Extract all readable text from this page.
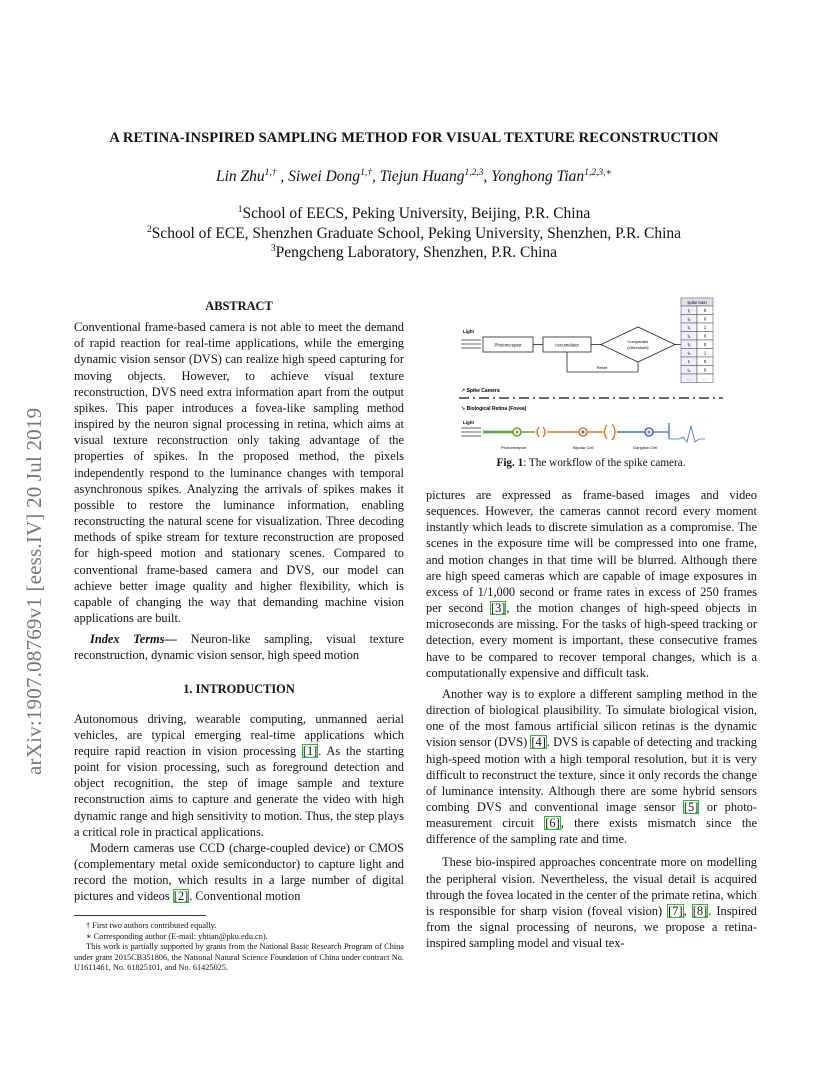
arXiv:1907.08769v1 [eess.IV] 20 Jul 2019
A RETINA-INSPIRED SAMPLING METHOD FOR VISUAL TEXTURE RECONSTRUCTION
Lin Zhu$^{1,\dagger}$ , Siwei Dong$^{1,\dagger}$, Tiejun Huang$^{1,2,3}$, Yonghong Tian$^{1,2,3,∗}$
$^1$School of EECS, Peking University, Beijing, P.R. China
$^2$School of ECE, Shenzhen Graduate School, Peking University, Shenzhen, P.R. China
$^3$Pengcheng Laboratory, Shenzhen, P.R. China

ABSTRACT

Conventional frame-based camera is not able to meet the demand of rapid reaction for real-time applications, while the emerging dynamic vision sensor (DVS) can realize high speed capturing for moving objects. However, to achieve visual texture reconstruction, DVS need extra information apart from the output spikes. This paper introduces a fovea-like sampling method inspired by the neuron signal processing in retina, which aims at visual texture reconstruction only taking advantage of the properties of spikes. In the proposed method, the pixels independently respond to the luminance changes with temporal asynchronous spikes. Analyzing the arrivals of spikes makes it possible to restore the luminance information, enabling reconstructing the natural scene for visualization. Three decoding methods of spike stream for texture reconstruction are proposed for high-speed motion and stationary scenes. Compared to conventional frame-based camera and DVS, our model can achieve better image quality and higher flexibility, which is capable of changing the way that demanding machine vision applications are built.

Index Terms— Neuron-like sampling, visual texture reconstruction, dynamic vision sensor, high speed motion

1. INTRODUCTION

Autonomous driving, wearable computing, unmanned aerial vehicles, are typical emerging real-time applications which require rapid reaction in vision processing [1]. As the starting point for vision processing, such as foreground detection and object recognition, the step of image sample and texture reconstruction aims to capture and generate the video with high dynamic range and high sensitivity to motion. Thus, the step plays a critical role in practical applications.

Modern cameras use CCD (charge-coupled device) or CMOS (complementary metal oxide semiconductor) to capture light and record the motion, which results in a large number of digital pictures and videos [2]. Conventional motion

† First two authors contributed equally.

∗ Corresponding author (E-mail: yhtian@pku.edu.cn).

This work is partially supported by grants from the National Basic Research Program of China under grant 2015CB351806, the National Natural Science Foundation of China under contract No. U1611461, No. 61825101, and No. 61425025.

Light
Photoreceptor	Accumulator
Comparator
(≥threshold)
Reset
spike train
t₁	0
t₂	0
t₃	1
t₄	0
t₅	0
t₆	1
t₇	0
t₈	0
…	…
↗ Spike Camera
↘ Biological Retina (Fovea)
Light
Photoreceptor	Bipolar Cell	Ganglion Cell
Fig. 1: The workflow of the spike camera.

pictures are expressed as frame-based images and video sequences. However, the cameras cannot record every moment instantly which leads to discrete simulation as a compromise. The scenes in the exposure time will be compressed into one frame, and motion changes in that time will be blurred. Although there are high speed cameras which are capable of image exposures in excess of 1/1,000 second or frame rates in excess of 250 frames per second [3], the motion changes of high-speed objects in microseconds are missing. For the tasks of high-speed tracking or detection, every moment is important, these consecutive frames have to be compared to recover temporal changes, which is a computationally expensive and difficult task.

Another way is to explore a different sampling method in the direction of biological plausibility. To simulate biological vision, one of the most famous artificial silicon retinas is the dynamic vision sensor (DVS) [4]. DVS is capable of detecting and tracking high-speed motion with a high temporal resolution, but it is very difficult to reconstruct the texture, since it only records the change of luminance intensity. Although there are some hybrid sensors combing DVS and conventional image sensor [5] or photo-measurement circuit [6], there exists mismatch since the difference of the sampling rate and time.

These bio-inspired approaches concentrate more on modelling the peripheral vision. Nevertheless, the visual detail is acquired through the fovea located in the center of the primate retina, which is responsible for sharp vision (foveal vision) [7], [8]. Inspired from the signal processing of neurons, we propose a retina-inspired sampling model and visual tex-
